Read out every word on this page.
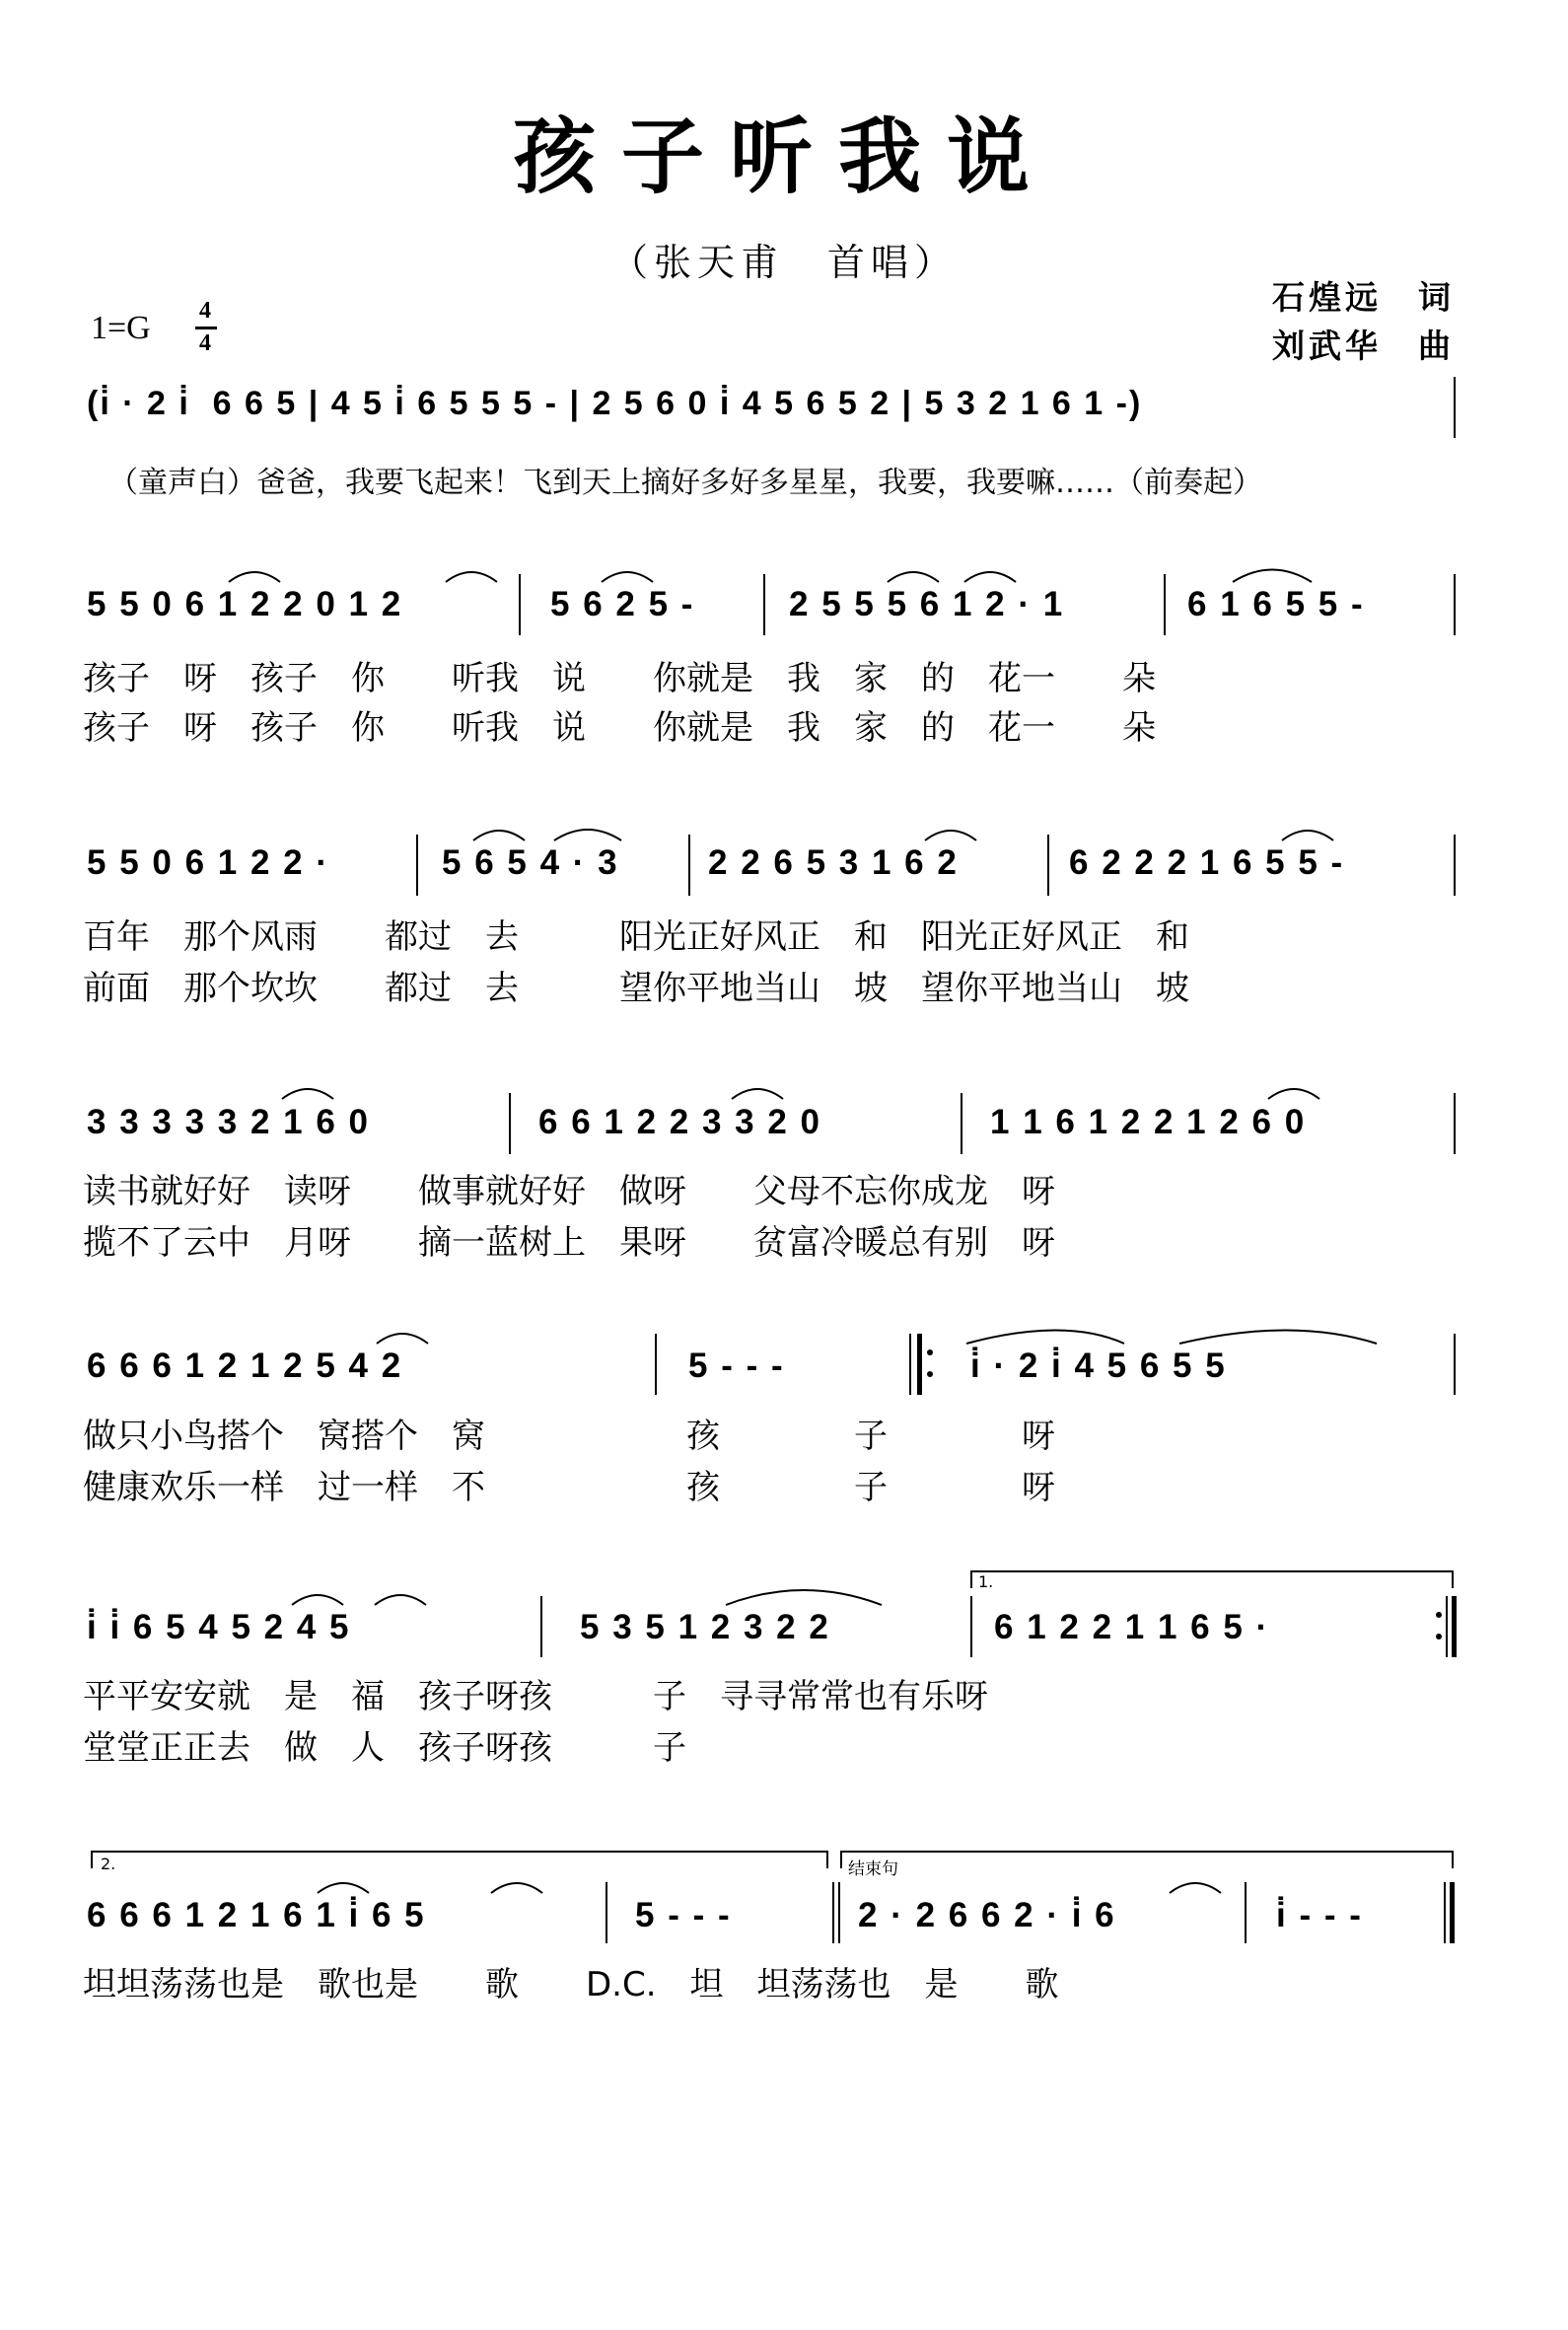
孩子听我说
（张天甫　首唱）
石煌远　词
刘武华　曲
1=G 4
4
(i̇ · 2 i̇  6 6 5 | 4 5 i̇ 6 5 5 5 - | 2 5 6 0 i̇ 4 5 6 5 2 | 5 3 2 1 6 1 -)
（童声白）爸爸，我要飞起来！飞到天上摘好多好多星星，我要，我要嘛……（前奏起）
5 5 0 6 1 2 2 0 1 2	5 6 2 5 -	2 5 5 5 6 1 2 · 1	6 1 6 5 5 -
孩子　呀　孩子　你　　听我　说　　你就是　我　家　的　花一　　朵
孩子　呀　孩子　你　　听我　说　　你就是　我　家　的　花一　　朵
5 5 0 6 1 2 2 ·	5 6 5 4 · 3	2 2 6 5 3 1 6 2	6 2 2 2 1 6 5 5 -
百年　那个风雨　　都过　去　　　阳光正好风正　和　阳光正好风正　和
前面　那个坎坎　　都过　去　　　望你平地当山　坡　望你平地当山　坡
3 3 3 3 3 2 1 6 0	6 6 1 2 2 3 3 2 0	1 1 6 1 2 2 1 2 6 0
读书就好好　读呀　　做事就好好　做呀　　父母不忘你成龙　呀
揽不了云中　月呀　　摘一蓝树上　果呀　　贫富冷暖总有别　呀
6 6 6 1 2 1 2 5 4 2	5 - - -	i̇ · 2 i̇ 4 5 6 5 5
做只小鸟搭个　窝搭个　窝　　　　　　孩　　　　子　　　　呀
健康欢乐一样　过一样　不　　　　　　孩　　　　子　　　　呀
1.
i̇ i̇ 6 5 4 5 2 4 5	5 3 5 1 2 3 2 2	6 1 2 2 1 1 6 5 ·
平平安安就　是　福　孩子呀孩　　　子　寻寻常常也有乐呀
堂堂正正去　做　人　孩子呀孩　　　子
2.	结束句
6 6 6 1 2 1 6 1 i̇ 6 5	5 - - -	2 · 2 6 6 2 · i̇ 6	i̇ - - -
坦坦荡荡也是　歌也是　　歌　　D.C.　坦　坦荡荡也　是　　歌
